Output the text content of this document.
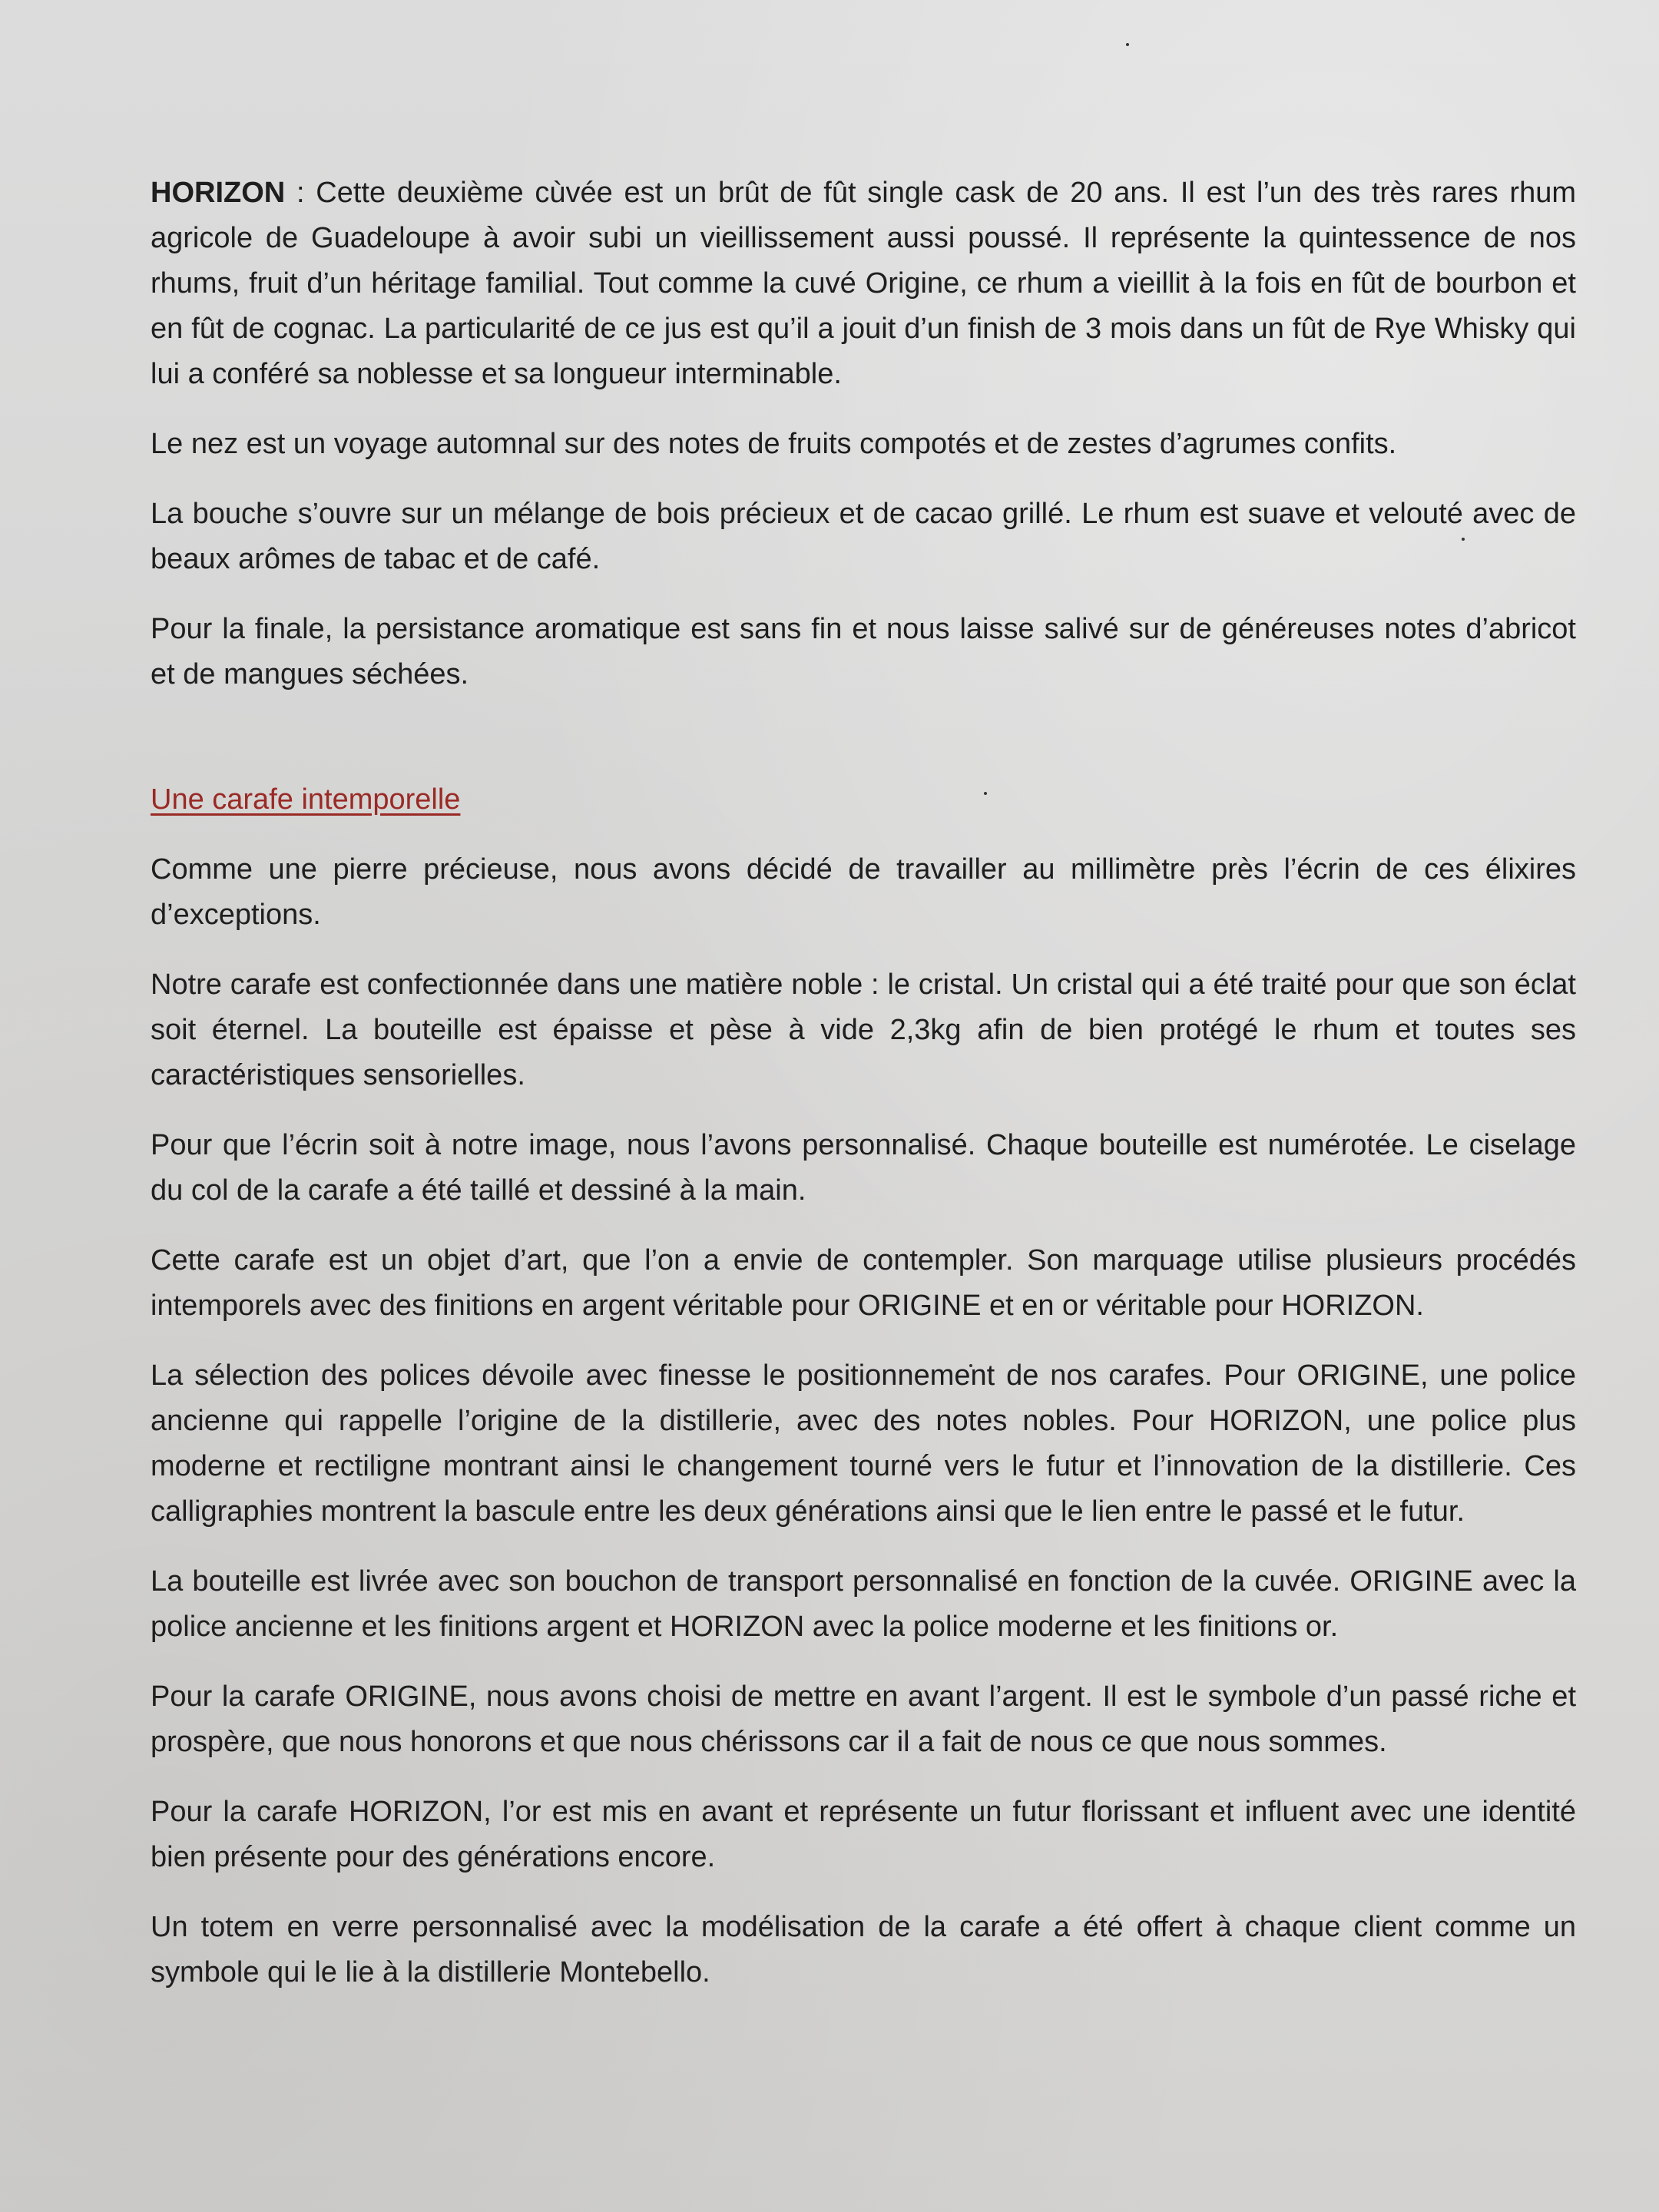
HORIZON : Cette deuxième cùvée est un brût de fût single cask de 20 ans. Il est l’un des très rares rhum agricole de Guadeloupe à avoir subi un vieillissement aussi poussé. Il représente la quintessence de nos rhums, fruit d’un héritage familial. Tout comme la cuvé Origine, ce rhum a vieillit à la fois en fût de bourbon et en fût de cognac. La particularité de ce jus est qu’il a jouit d’un finish de 3 mois dans un fût de Rye Whisky qui lui a conféré sa noblesse et sa longueur interminable.

Le nez est un voyage automnal sur des notes de fruits compotés et de zestes d’agrumes confits.

La bouche s’ouvre sur un mélange de bois précieux et de cacao grillé. Le rhum est suave et velouté avec de beaux arômes de tabac et de café.

Pour la finale, la persistance aromatique est sans fin et nous laisse salivé sur de généreuses notes d’abricot et de mangues séchées.

Une carafe intemporelle

Comme une pierre précieuse, nous avons décidé de travailler au millimètre près l’écrin de ces élixires d’exceptions.

Notre carafe est confectionnée dans une matière noble : le cristal. Un cristal qui a été traité pour que son éclat soit éternel. La bouteille est épaisse et pèse à vide 2,3kg afin de bien protégé le rhum et toutes ses caractéristiques sensorielles.

Pour que l’écrin soit à notre image, nous l’avons personnalisé. Chaque bouteille est numérotée. Le ciselage du col de la carafe a été taillé et dessiné à la main.

Cette carafe est un objet d’art, que l’on a envie de contempler. Son marquage utilise plusieurs procédés intemporels avec des finitions en argent véritable pour ORIGINE et en or véritable pour HORIZON.

La sélection des polices dévoile avec finesse le positionnement de nos carafes. Pour ORIGINE, une police ancienne qui rappelle l’origine de la distillerie, avec des notes nobles. Pour HORIZON, une police plus moderne et rectiligne montrant ainsi le changement tourné vers le futur et l’innovation de la distillerie. Ces calligraphies montrent la bascule entre les deux générations ainsi que le lien entre le passé et le futur.

La bouteille est livrée avec son bouchon de transport personnalisé en fonction de la cuvée. ORIGINE avec la police ancienne et les finitions argent et HORIZON avec la police moderne et les finitions or.

Pour la carafe ORIGINE, nous avons choisi de mettre en avant l’argent. Il est le symbole d’un passé riche et prospère, que nous honorons et que nous chérissons car il a fait de nous ce que nous sommes.

Pour la carafe HORIZON, l’or est mis en avant et représente un futur florissant et influent avec une identité bien présente pour des générations encore.

Un totem en verre personnalisé avec la modélisation de la carafe a été offert à chaque client comme un symbole qui le lie à la distillerie Montebello.
